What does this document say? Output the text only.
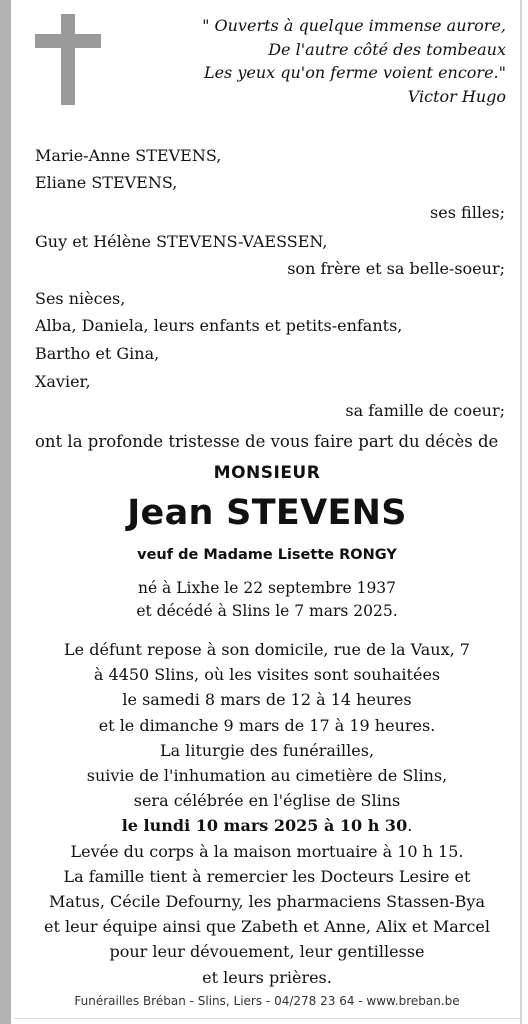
" Ouverts à quelque immense aurore,
De l'autre côté des tombeaux
Les yeux qu'on ferme voient encore."
Victor Hugo
Marie-Anne STEVENS,
Eliane STEVENS,
ses filles;
Guy et Hélène STEVENS-VAESSEN,
son frère et sa belle-soeur;
Ses nièces,
Alba, Daniela, leurs enfants et petits-enfants,
Bartho et Gina,
Xavier,
sa famille de coeur;
ont la profonde tristesse de vous faire part du décès de
MONSIEUR
Jean STEVENS
veuf de Madame Lisette RONGY
né à Lixhe le 22 septembre 1937
et décédé à Slins le 7 mars 2025.
Le défunt repose à son domicile, rue de la Vaux, 7
à 4450 Slins, où les visites sont souhaitées
le samedi 8 mars de 12 à 14 heures
et le dimanche 9 mars de 17 à 19 heures.
La liturgie des funérailles,
suivie de l'inhumation au cimetière de Slins,
sera célébrée en l'église de Slins
le lundi 10 mars 2025 à 10 h 30.
Levée du corps à la maison mortuaire à 10 h 15.
La famille tient à remercier les Docteurs Lesire et
Matus, Cécile Defourny, les pharmaciens Stassen-Bya
et leur équipe ainsi que Zabeth et Anne, Alix et Marcel
pour leur dévouement, leur gentillesse
et leurs prières.
Funérailles Bréban - Slins, Liers - 04/278 23 64 - www.breban.be
